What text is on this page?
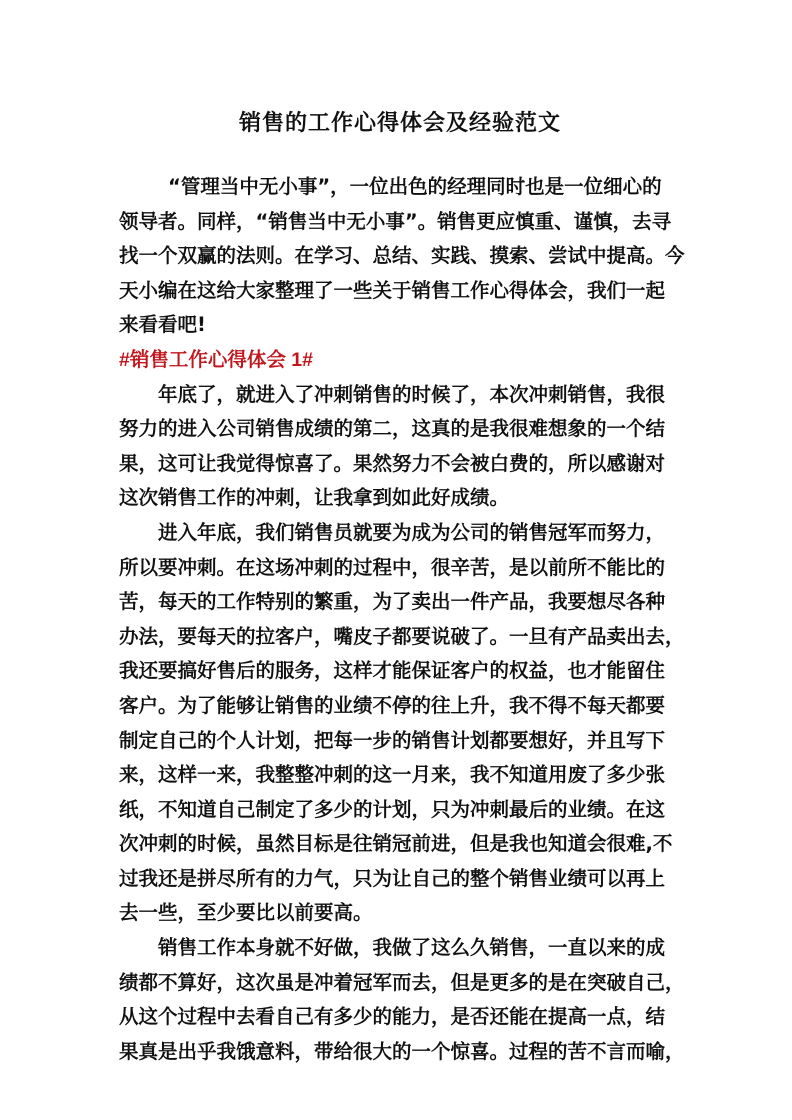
销售的工作心得体会及经验范文

“管理当中无小事”，一位出色的经理同时也是一位细心的
领导者。同样，“销售当中无小事”。销售更应慎重、谨慎，去寻
找一个双赢的法则。在学习、总结、实践、摸索、尝试中提高。今
天小编在这给大家整理了一些关于销售工作心得体会，我们一起
来看看吧!

#销售工作心得体会 1#

年底了，就进入了冲刺销售的时候了，本次冲刺销售，我很
努力的进入公司销售成绩的第二，这真的是我很难想象的一个结
果，这可让我觉得惊喜了。果然努力不会被白费的，所以感谢对
这次销售工作的冲刺，让我拿到如此好成绩。

进入年底，我们销售员就要为成为公司的销售冠军而努力，
所以要冲刺。在这场冲刺的过程中，很辛苦，是以前所不能比的
苦，每天的工作特别的繁重，为了卖出一件产品，我要想尽各种
办法，要每天的拉客户，嘴皮子都要说破了。一旦有产品卖出去，
我还要搞好售后的服务，这样才能保证客户的权益，也才能留住
客户。为了能够让销售的业绩不停的往上升，我不得不每天都要
制定自己的个人计划，把每一步的销售计划都要想好，并且写下
来，这样一来，我整整冲刺的这一月来，我不知道用废了多少张
纸，不知道自己制定了多少的计划，只为冲刺最后的业绩。在这
次冲刺的时候，虽然目标是往销冠前进，但是我也知道会很难,不
过我还是拼尽所有的力气，只为让自己的整个销售业绩可以再上
去一些，至少要比以前要高。

销售工作本身就不好做，我做了这么久销售，一直以来的成
绩都不算好，这次虽是冲着冠军而去，但是更多的是在突破自己，
从这个过程中去看自己有多少的能力，是否还能在提高一点，结
果真是出乎我饿意料，带给很大的一个惊喜。过程的苦不言而喻，
